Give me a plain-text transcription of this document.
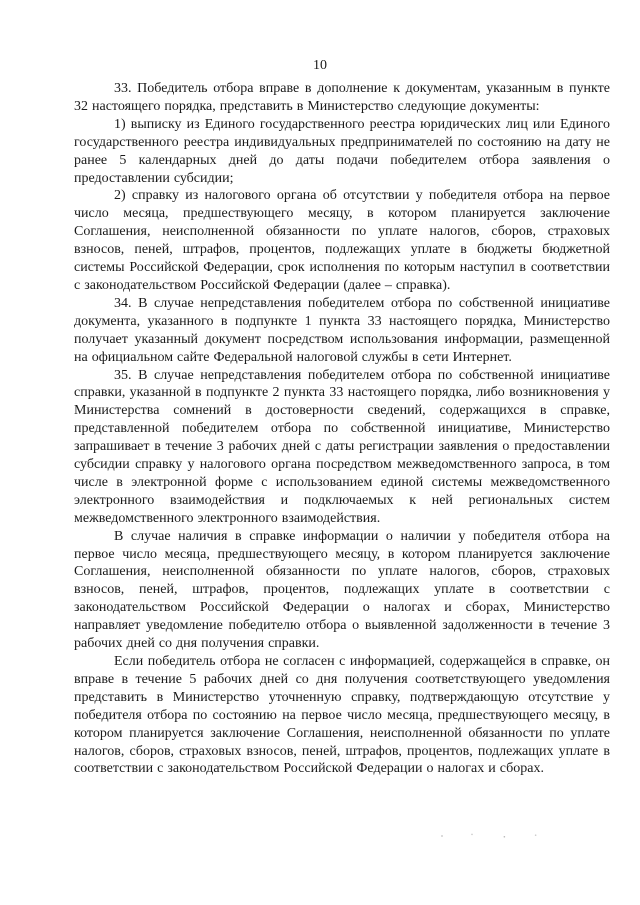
10

33. Победитель отбора вправе в дополнение к документам, указанным в пункте 32 настоящего порядка, представить в Министерство следующие документы:

1) выписку из Единого государственного реестра юридических лиц или Единого государственного реестра индивидуальных предпринимателей по состоянию на дату не ранее 5 календарных дней до даты подачи победителем отбора заявления о предоставлении субсидии;

2) справку из налогового органа об отсутствии у победителя отбора на первое число месяца, предшествующего месяцу, в котором планируется заключение Соглашения, неисполненной обязанности по уплате налогов, сборов, страховых взносов, пеней, штрафов, процентов, подлежащих уплате в бюджеты бюджетной системы Российской Федерации, срок исполнения по которым наступил в соответствии с законодательством Российской Федерации (далее – справка).

34. В случае непредставления победителем отбора по собственной инициативе документа, указанного в подпункте 1 пункта 33 настоящего порядка, Министерство получает указанный документ посредством использования информации, размещенной на официальном сайте Федеральной налоговой службы в сети Интернет.

35. В случае непредставления победителем отбора по собственной инициативе справки, указанной в подпункте 2 пункта 33 настоящего порядка, либо возникновения у Министерства сомнений в достоверности сведений, содержащихся в справке, представленной победителем отбора по собственной инициативе, Министерство запрашивает в течение 3 рабочих дней с даты регистрации заявления о предоставлении субсидии справку у налогового органа посредством межведомственного запроса, в том числе в электронной форме с использованием единой системы межведомственного электронного взаимодействия и подключаемых к ней региональных систем межведомственного электронного взаимодействия.

В случае наличия в справке информации о наличии у победителя отбора на первое число месяца, предшествующего месяцу, в котором планируется заключение Соглашения, неисполненной обязанности по уплате налогов, сборов, страховых взносов, пеней, штрафов, процентов, подлежащих уплате в соответствии с законодательством Российской Федерации о налогах и сборах, Министерство направляет уведомление победителю отбора о выявленной задолженности в течение 3 рабочих дней со дня получения справки.

Если победитель отбора не согласен с информацией, содержащейся в справке, он вправе в течение 5 рабочих дней со дня получения соответствующего уведомления представить в Министерство уточненную справку, подтверждающую отсутствие у победителя отбора по состоянию на первое число месяца, предшествующего месяцу, в котором планируется заключение Соглашения, неисполненной обязанности по уплате налогов, сборов, страховых взносов, пеней, штрафов, процентов, подлежащих уплате в соответствии с законодательством Российской Федерации о налогах и сборах.
